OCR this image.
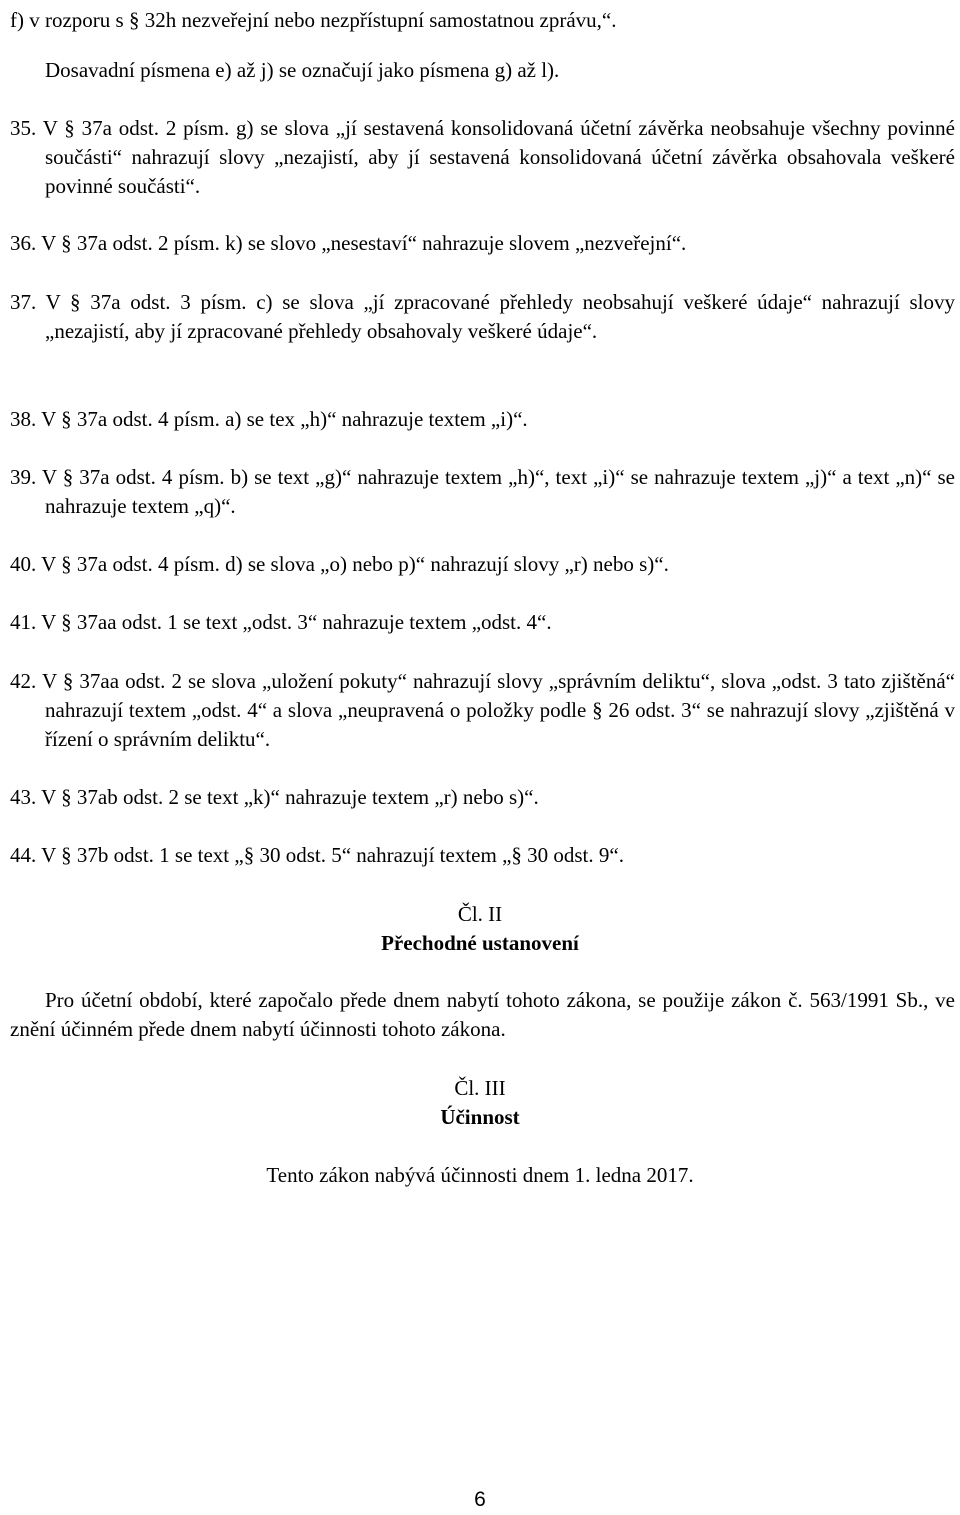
f) v rozporu s § 32h nezveřejní nebo nezpřístupní samostatnou zprávu,“.

Dosavadní písmena e) až j) se označují jako písmena g) až l).

35. V § 37a odst. 2 písm. g) se slova „jí sestavená konsolidovaná účetní závěrka neobsahuje všechny povinné součásti“ nahrazují slovy „nezajistí, aby jí sestavená konsolidovaná účetní závěrka obsahovala veškeré povinné součásti“.

36. V § 37a odst. 2 písm. k) se slovo „nesestaví“ nahrazuje slovem „nezveřejní“.

37. V § 37a odst. 3 písm. c) se slova „jí zpracované přehledy neobsahují veškeré údaje“ nahrazují slovy „nezajistí, aby jí zpracované přehledy obsahovaly veškeré údaje“.

38. V § 37a odst. 4 písm. a) se tex „h)“ nahrazuje textem „i)“.

39. V § 37a odst. 4 písm. b) se text „g)“ nahrazuje textem „h)“, text „i)“ se nahrazuje textem „j)“ a text „n)“ se nahrazuje textem „q)“.

40. V § 37a odst. 4 písm. d) se slova „o) nebo p)“ nahrazují slovy „r) nebo s)“.

41. V § 37aa odst. 1 se text „odst. 3“ nahrazuje textem „odst. 4“.

42. V § 37aa odst. 2 se slova „uložení pokuty“ nahrazují slovy „správním deliktu“, slova „odst. 3 tato zjištěná“ nahrazují textem „odst. 4“ a slova „neupravená o položky podle § 26 odst. 3“ se nahrazují slovy „zjištěná v řízení o správním deliktu“.

43. V § 37ab odst. 2 se text „k)“ nahrazuje textem „r) nebo s)“.

44. V § 37b odst. 1 se text „§ 30 odst. 5“ nahrazují textem „§ 30 odst. 9“.

Čl. II

Přechodné ustanovení

Pro účetní období, které započalo přede dnem nabytí tohoto zákona, se použije zákon č. 563/1991 Sb., ve znění účinném přede dnem nabytí účinnosti tohoto zákona.

Čl. III

Účinnost

Tento zákon nabývá účinnosti dnem 1. ledna 2017.

6
